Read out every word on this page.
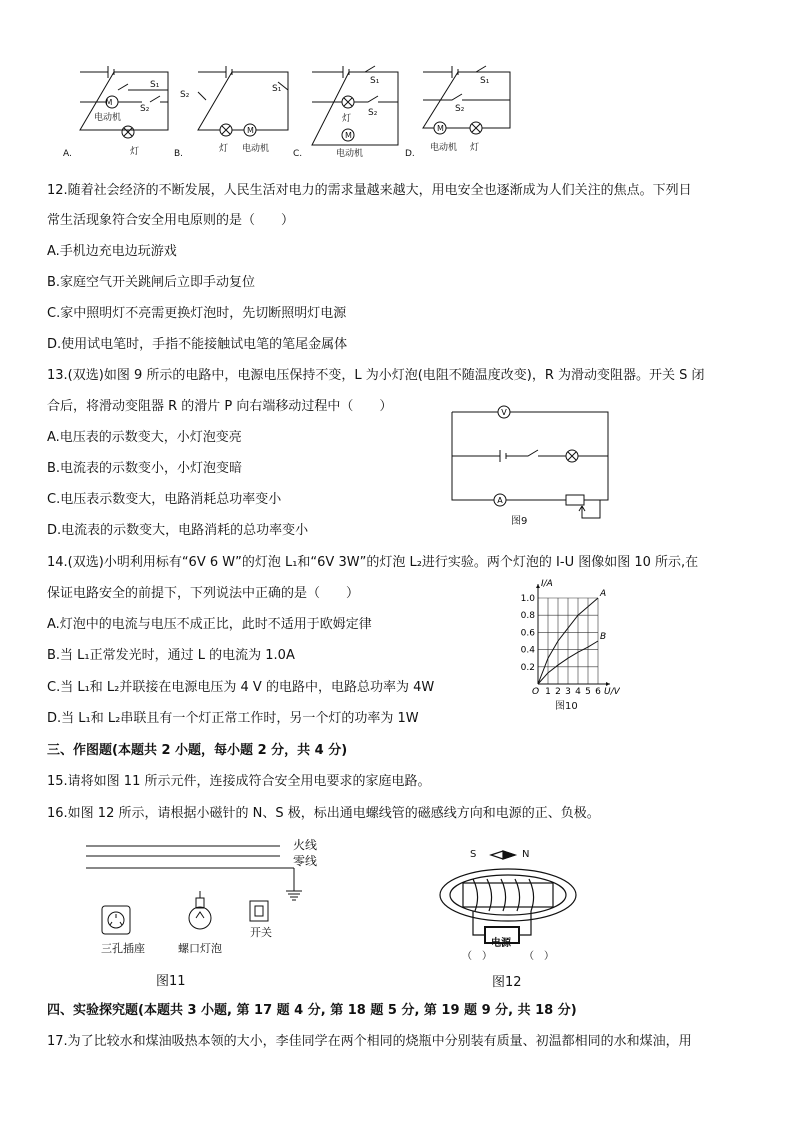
M
M
M
M
电动机
S₁
S₂
灯
A.
S₂
S₁
灯 电动机
B.
S₁
S₂
灯
电动机
C.
S₁
S₂
电动机 灯
D.
12.随着社会经济的不断发展，人民生活对电力的需求量越来越大，用电安全也逐渐成为人们关注的焦点。下列日
常生活现象符合安全用电原则的是（　　）
A.手机边充电边玩游戏
B.家庭空气开关跳闸后立即手动复位
C.家中照明灯不亮需更换灯泡时，先切断照明灯电源
D.使用试电笔时，手指不能接触试电笔的笔尾金属体
13.(双选)如图 9 所示的电路中，电源电压保持不变，L 为小灯泡(电阻不随温度改变)，R 为滑动变阻器。开关 S 闭
合后，将滑动变阻器 R 的滑片 P 向右端移动过程中（　　）
A.电压表的示数变大，小灯泡变亮
B.电流表的示数变小，小灯泡变暗
C.电压表示数变大，电路消耗总功率变小
D.电流表的示数变大，电路消耗的总功率变小
V
A
图9
14.(双选)小明利用标有“6V 6 W”的灯泡 L₁和“6V 3W”的灯泡 L₂进行实验。两个灯泡的 I-U 图像如图 10 所示,在
保证电路安全的前提下，下列说法中正确的是（　　）
A.灯泡中的电流与电压不成正比，此时不适用于欧姆定律
B.当 L₁正常发光时，通过 L 的电流为 1.0A
C.当 L₁和 L₂并联接在电源电压为 4 V 的电路中，电路总功率为 4W
D.当 L₁和 L₂串联且有一个灯正常工作时，另一个灯的功率为 1W
1 2 3 4 5 6
0.2
0.4
0.6
0.8
1.0
O	U/V
I/A
A
B
图10
三、作图题(本题共 2 小题，每小题 2 分，共 4 分)
15.请将如图 11 所示元件，连接成符合安全用电要求的家庭电路。
16.如图 12 所示，请根据小磁针的 N、S 极，标出通电螺线管的磁感线方向和电源的正、负极。
火线
零线
三孔插座	螺口灯泡
开关
图11
S	N
电源
（　）	（　）
图12
四、实验探究题(本题共 3 小题, 第 17 题 4 分, 第 18 题 5 分, 第 19 题 9 分, 共 18 分)
17.为了比较水和煤油吸热本领的大小，李佳同学在两个相同的烧瓶中分别装有质量、初温都相同的水和煤油，用
